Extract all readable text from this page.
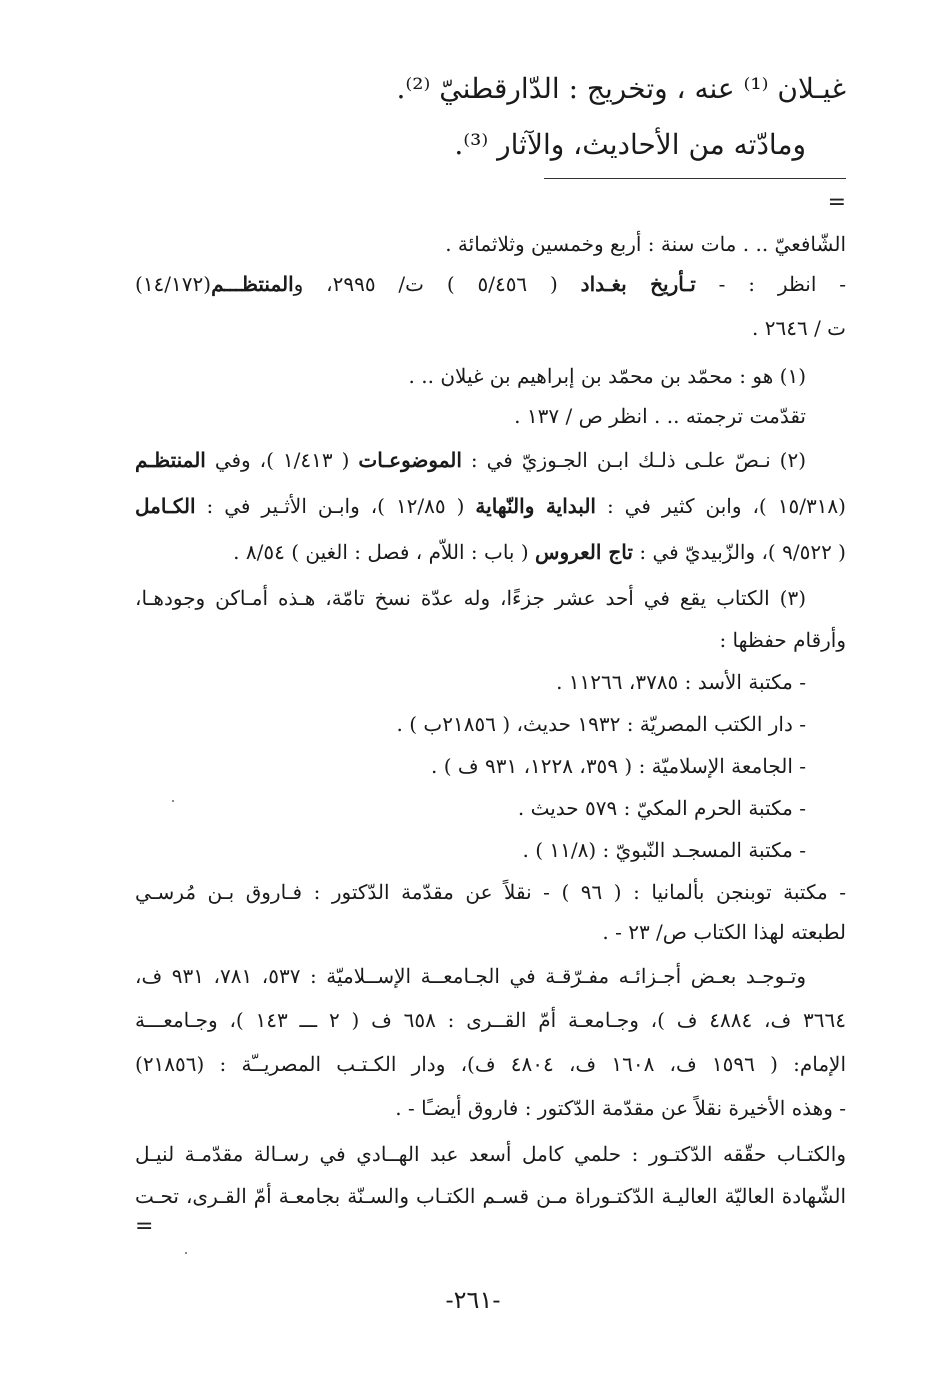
غيـلان ⁽¹⁾ عنه ، وتخريج : الدّارقطنيّ ⁽²⁾.
ومادّته من الأحاديث، والآثار ⁽³⁾.
=
الشّافعيّ .. . مات سنة : أربع وخمسين وثلاثمائة .
- انظر : - تـأريخ بغـداد ( ٥/٤٥٦ ) ت/ ٢٩٩٥، والمنتظـــم(١٤/١٧٢)
ت / ٢٦٤٦ .
(١) هو : محمّد بن محمّد بن إبراهيم بن غيلان .. .
تقدّمت ترجمته .. . انظر ص / ١٣٧ .
(٢) نـصّ علـى ذلـك ابـن الجـوزيّ في : الموضوعـات ( ١/٤١٣ )، وفي المنتظـم
(١٥/٣١٨ )، وابن كثير في : البداية والنّهاية ( ١٢/٨٥ )، وابـن الأثـير في : الكـامل
( ٩/٥٢٢ )، والزّبيديّ في : تاج العروس ( باب : اللاّم ، فصل : الغين ) ٨/٥٤ .
(٣) الكتاب يقع في أحد عشر جزءًا، وله عدّة نسخ تامّة، هـذه أمـاكن وجودهـا،
وأرقام حفظها :
- مكتبة الأسد : ٣٧٨٥، ١١٢٦٦ .
- دار الكتب المصريّة : ١٩٣٢ حديث، ( ٢١٨٥٦ب ) .
- الجامعة الإسلاميّة : ( ٣٥٩، ١٢٢٨، ٩٣١ ف ) .
- مكتبة الحرم المكيّ : ٥٧٩ حديث .
- مكتبة المسجـد النّبويّ : (١١/٨ ) .
- مكتبة توبنجن بألمانيا : ( ٩٦ ) - نقلاً عن مقدّمة الدّكتور : فـاروق بـن مُرسـي
لطبعته لهذا الكتاب ص/ ٢٣ - .
وتـوجـد بعـض أجـزائـه مفـرّقـة في الجـامعــة الإســلاميّة : ٥٣٧، ٧٨١، ٩٣١ ف،
٣٦٦٤ ف، ٤٨٨٤ ف )، وجـامعـة أمّ القــرى : ٦٥٨ ف ( ٢ ـــ ١٤٣ )، وجـامعـــة
الإمام: ( ١٥٩٦ ف، ١٦٠٨ ف، ٤٨٠٤ ف)، ودار الكـتـب المصريــّة : (٢١٨٥٦)
- وهذه الأخيرة نقلاً عن مقدّمة الدّكتور : فاروق أيضـًا - .
والكتـاب حقّقه الدّكتـور : حلمي كامل أسعد عبد الهــادي في رسـالة مقدّمـة لنيـل
الشّهادة العاليّة العاليـة الدّكتـوراة مـن قسـم الكتـاب والسـنّة بجامعـة أمّ القـرى، تحـت
=
-٢٦١-
